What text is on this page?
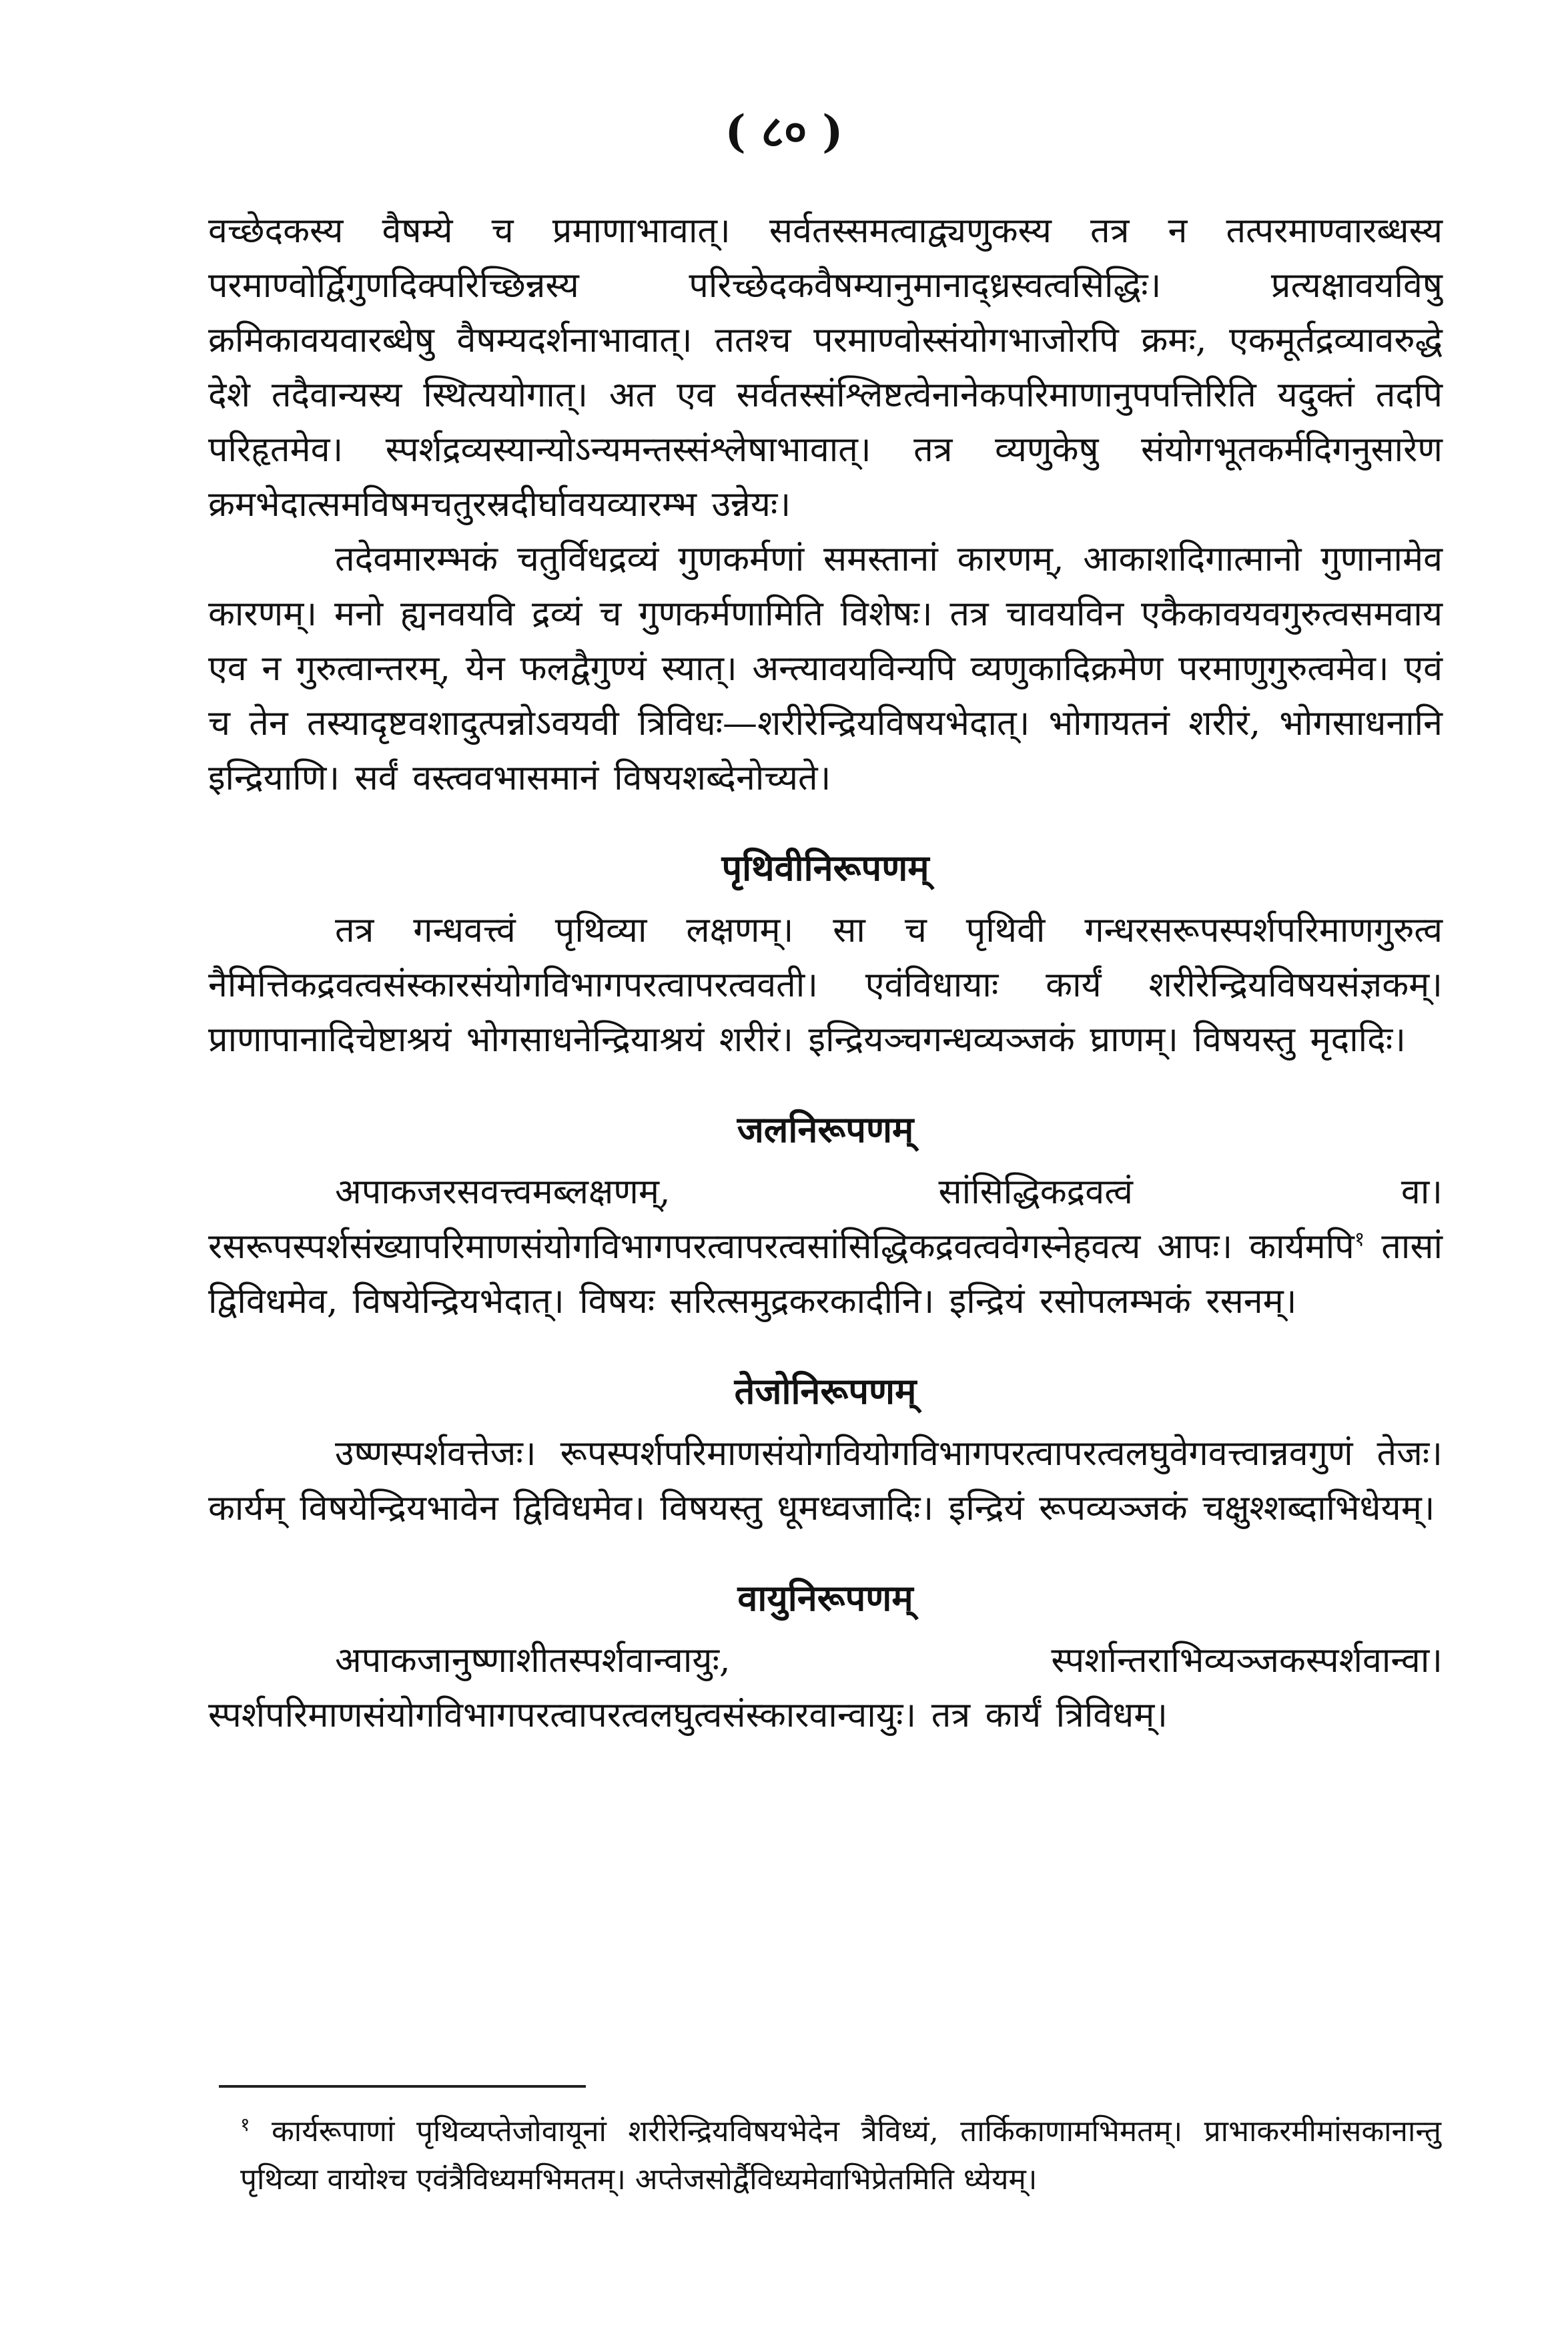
( ८० )

वच्छेदकस्य वैषम्ये च प्रमाणाभावात्। सर्वतस्समत्वाद्व्यणुकस्य तत्र न तत्परमाण्वारब्धस्य परमाण्वोर्द्विगुणदिक्परिच्छिन्नस्य परिच्छेदकवैषम्यानुमानाद्ध्रस्वत्वसिद्धिः। प्रत्यक्षावयविषु क्रमिकावयवारब्धेषु वैषम्यदर्शनाभावात्। ततश्च परमाण्वोस्संयोगभाजोरपि क्रमः, एकमूर्तद्रव्यावरुद्धे देशे तदैवान्यस्य स्थित्ययोगात्। अत एव सर्वतस्संश्लिष्टत्वेनानेकपरिमाणानुपपत्तिरिति यदुक्तं तदपि परिहृतमेव। स्पर्शद्रव्यस्यान्योऽन्यमन्तस्संश्लेषाभावात्। तत्र व्यणुकेषु संयोगभूतकर्मदिगनुसारेण क्रमभेदात्समविषमचतुरस्रदीर्घावयव्यारम्भ उन्नेयः।

तदेवमारम्भकं चतुर्विधद्रव्यं गुणकर्मणां समस्तानां कारणम्, आकाशदिगात्मानो गुणानामेव कारणम्। मनो ह्यनवयवि द्रव्यं च गुणकर्मणामिति विशेषः। तत्र चावयविन एकैकावयवगुरुत्वसमवाय एव न गुरुत्वान्तरम्, येन फलद्वैगुण्यं स्यात्। अन्त्यावयविन्यपि व्यणुकादिक्रमेण परमाणुगुरुत्वमेव। एवं च तेन तस्यादृष्टवशादुत्पन्नोऽवयवी त्रिविधः—शरीरेन्द्रियविषयभेदात्। भोगायतनं शरीरं, भोगसाधनानि इन्द्रियाणि। सर्वं वस्त्ववभासमानं विषयशब्देनोच्यते।

पृथिवीनिरूपणम्

तत्र गन्धवत्त्वं पृथिव्या लक्षणम्। सा च पृथिवी गन्धरसरूपस्पर्शपरिमाणगुरुत्व नैमित्तिकद्रवत्वसंस्कारसंयोगविभागपरत्वापरत्ववती। एवंविधायाः कार्यं शरीरेन्द्रियविषयसंज्ञकम्। प्राणापानादिचेष्टाश्रयं भोगसाधनेन्द्रियाश्रयं शरीरं। इन्द्रियञ्चगन्धव्यञ्जकं घ्राणम्। विषयस्तु मृदादिः।

जलनिरूपणम्

अपाकजरसवत्त्वमब्लक्षणम्, सांसिद्धिकद्रवत्वं वा। रसरूपस्पर्शसंख्यापरिमाणसंयोगविभागपरत्वापरत्वसांसिद्धिकद्रवत्ववेगस्नेहवत्य आपः। कार्यमपि$^१$ तासां द्विविधमेव, विषयेन्द्रियभेदात्। विषयः सरित्समुद्रकरकादीनि। इन्द्रियं रसोपलम्भकं रसनम्।

तेजोनिरूपणम्

उष्णस्पर्शवत्तेजः। रूपस्पर्शपरिमाणसंयोगवियोगविभागपरत्वापरत्वलघुवेगवत्त्वान्नवगुणं तेजः। कार्यम् विषयेन्द्रियभावेन द्विविधमेव। विषयस्तु धूमध्वजादिः। इन्द्रियं रूपव्यञ्जकं चक्षुश्शब्दाभिधेयम्।

वायुनिरूपणम्

अपाकजानुष्णाशीतस्पर्शवान्वायुः, स्पर्शान्तराभिव्यञ्जकस्पर्शवान्वा। स्पर्शपरिमाणसंयोगविभागपरत्वापरत्वलघुत्वसंस्कारवान्वायुः। तत्र कार्यं त्रिविधम्।

$^१$ कार्यरूपाणां पृथिव्यप्तेजोवायूनां शरीरेन्द्रियविषयभेदेन त्रैविध्यं, तार्किकाणामभिमतम्। प्राभाकरमीमांसकानान्तु पृथिव्या वायोश्च एवंत्रैविध्यमभिमतम्। अप्तेजसोर्द्वैविध्यमेवाभिप्रेतमिति ध्येयम्।
